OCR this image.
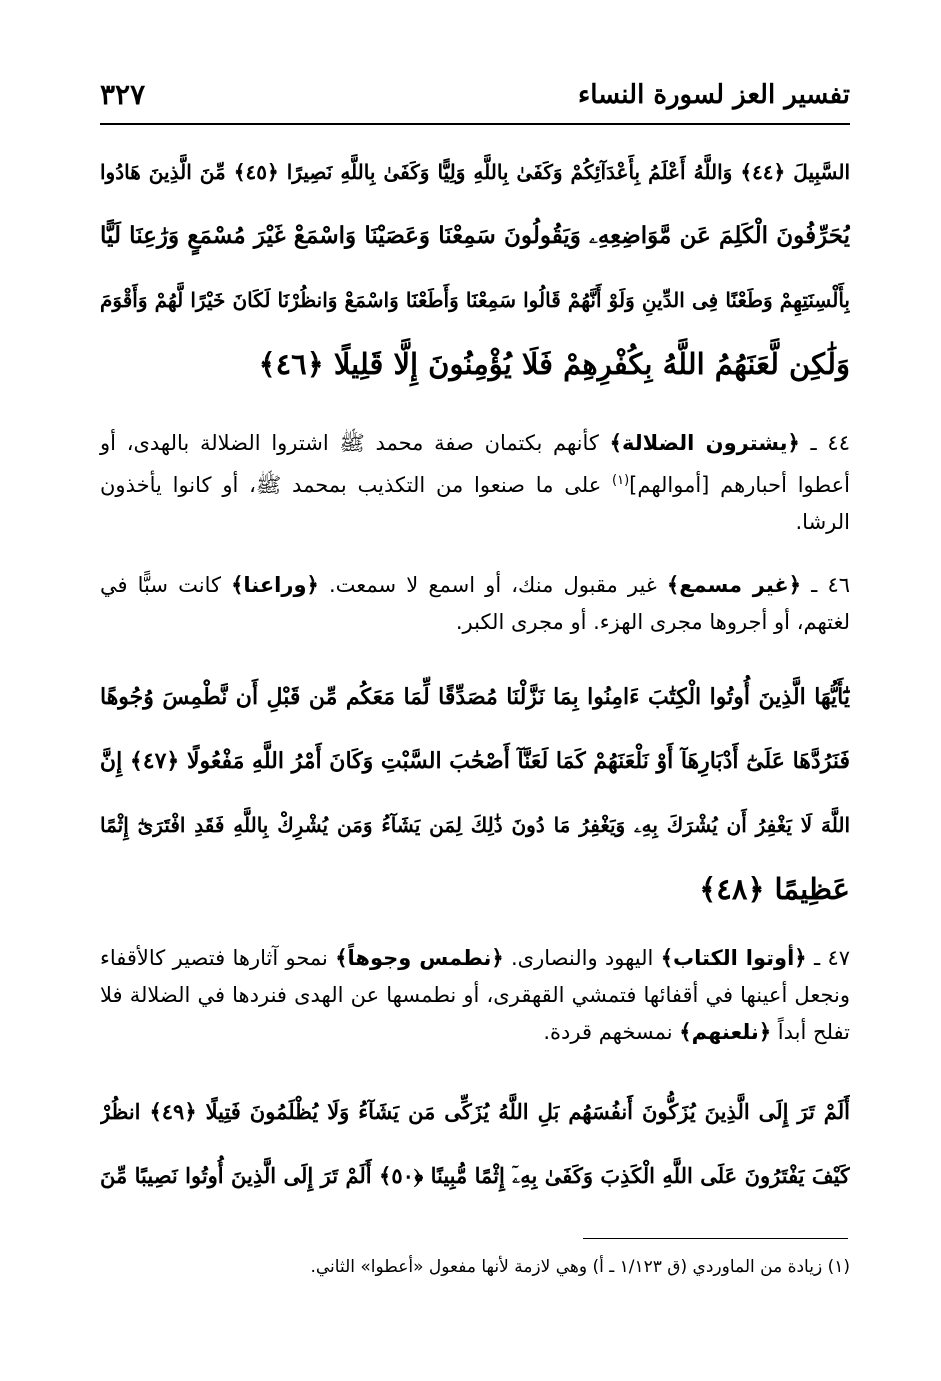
تفسير العز لسورة النساء
٣٢٧
السَّبِيلَ ﴿٤٤﴾ وَاللَّهُ أَعْلَمُ بِأَعْدَآئِكُمْ وَكَفَىٰ بِاللَّهِ وَلِيًّا وَكَفَىٰ بِاللَّهِ نَصِيرًا ﴿٤٥﴾ مِّنَ الَّذِينَ هَادُوا
يُحَرِّفُونَ الْكَلِمَ عَن مَّوَاضِعِهِۦ وَيَقُولُونَ سَمِعْنَا وَعَصَيْنَا وَاسْمَعْ غَيْرَ مُسْمَعٍ وَرَٰعِنَا لَيًّا
بِأَلْسِنَتِهِمْ وَطَعْنًا فِى الدِّينِ وَلَوْ أَنَّهُمْ قَالُوا سَمِعْنَا وَأَطَعْنَا وَاسْمَعْ وَانظُرْنَا لَكَانَ خَيْرًا لَّهُمْ وَأَقْوَمَ
وَلَٰكِن لَّعَنَهُمُ اللَّهُ بِكُفْرِهِمْ فَلَا يُؤْمِنُونَ إِلَّا قَلِيلًا ﴿٤٦﴾
٤٤ ـ ﴿يشترون الضلالة﴾ كأنهم بكتمان صفة محمد ﷺ اشتروا الضلالة بالهدى، أو أعطوا أحبارهم [أموالهم]$^{(١)}$ على ما صنعوا من التكذيب بمحمد ﷺ، أو كانوا يأخذون الرشا.
٤٦ ـ ﴿غير مسمع﴾ غير مقبول منك، أو اسمع لا سمعت. ﴿وراعنا﴾ كانت سبًّا في لغتهم، أو أجروها مجرى الهزء. أو مجرى الكبر.
يَٰٓأَيُّهَا الَّذِينَ أُوتُوا الْكِتَٰبَ ءَامِنُوا بِمَا نَزَّلْنَا مُصَدِّقًا لِّمَا مَعَكُم مِّن قَبْلِ أَن نَّطْمِسَ وُجُوهًا
فَنَرُدَّهَا عَلَىٰٓ أَدْبَارِهَآ أَوْ نَلْعَنَهُمْ كَمَا لَعَنَّآ أَصْحَٰبَ السَّبْتِ وَكَانَ أَمْرُ اللَّهِ مَفْعُولًا ﴿٤٧﴾ إِنَّ
اللَّهَ لَا يَغْفِرُ أَن يُشْرَكَ بِهِۦ وَيَغْفِرُ مَا دُونَ ذَٰلِكَ لِمَن يَشَآءُ وَمَن يُشْرِكْ بِاللَّهِ فَقَدِ افْتَرَىٰٓ إِثْمًا
عَظِيمًا ﴿٤٨﴾
٤٧ ـ ﴿أوتوا الكتاب﴾ اليهود والنصارى. ﴿نطمس وجوهاً﴾ نمحو آثارها فتصير كالأقفاء ونجعل أعينها في أقفائها فتمشي القهقرى، أو نطمسها عن الهدى فنردها في الضلالة فلا تفلح أبداً ﴿نلعنهم﴾ نمسخهم قردة.
أَلَمْ تَرَ إِلَى الَّذِينَ يُزَكُّونَ أَنفُسَهُم بَلِ اللَّهُ يُزَكِّى مَن يَشَآءُ وَلَا يُظْلَمُونَ فَتِيلًا ﴿٤٩﴾ انظُرْ
كَيْفَ يَفْتَرُونَ عَلَى اللَّهِ الْكَذِبَ وَكَفَىٰ بِهِۦٓ إِثْمًا مُّبِينًا ﴿٥٠﴾ أَلَمْ تَرَ إِلَى الَّذِينَ أُوتُوا نَصِيبًا مِّنَ
(١) زيادة من الماوردي (ق ١/١٢٣ ـ أ) وهي لازمة لأنها مفعول «أعطوا» الثاني.
